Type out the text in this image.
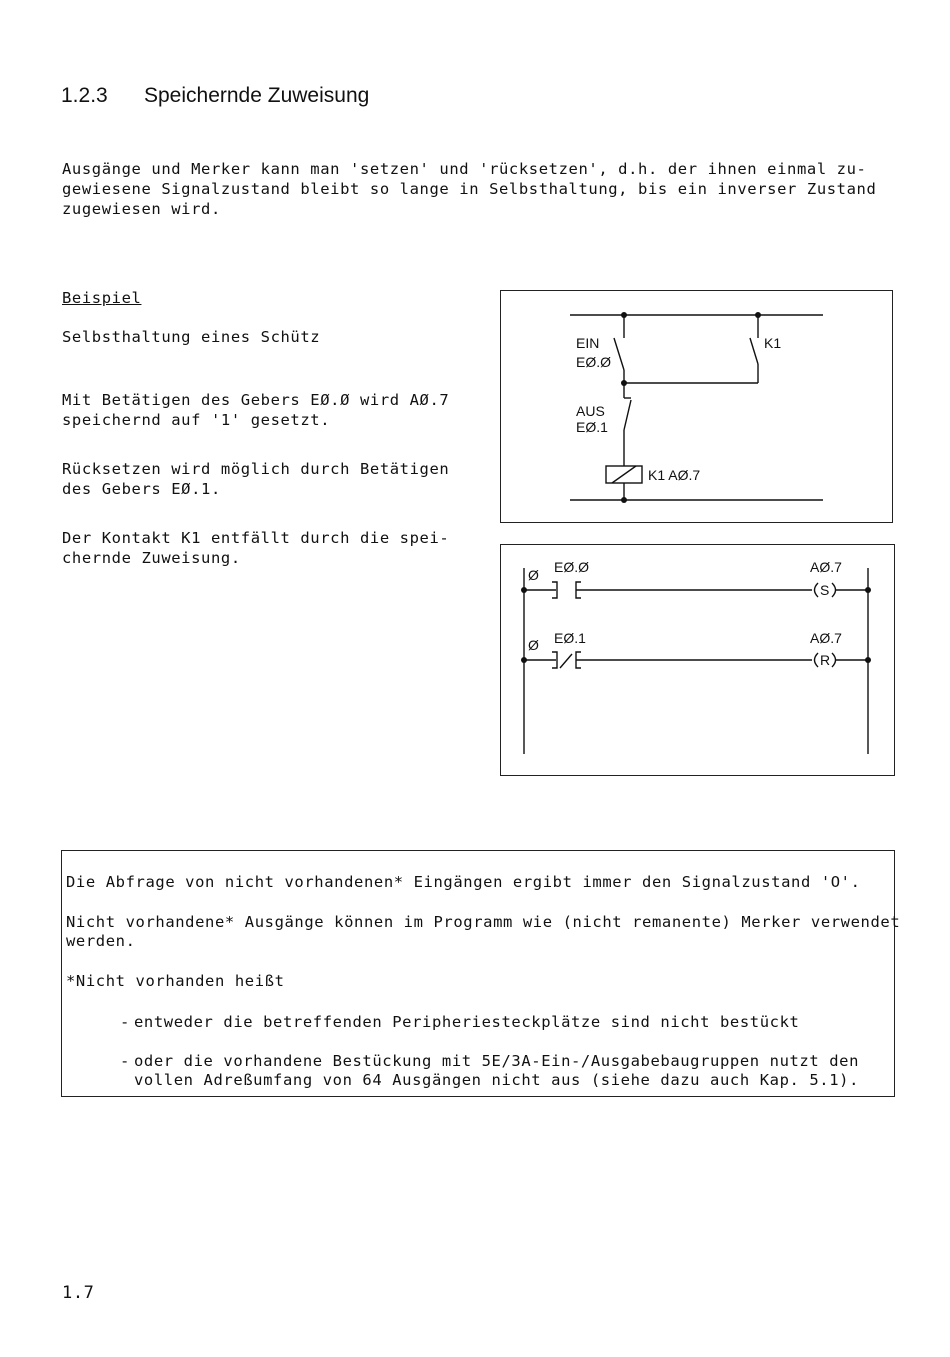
1.2.3 Speichernde Zuweisung
Ausgänge und Merker kann man 'setzen' und 'rücksetzen', d.h. der ihnen einmal zu-
gewiesene Signalzustand bleibt so lange in Selbsthaltung, bis ein inverser Zustand
zugewiesen wird.
Beispiel
Selbsthaltung eines Schütz
Mit Betätigen des Gebers EØ.Ø wird AØ.7
speichernd auf '1' gesetzt.
Rücksetzen wird möglich durch Betätigen
des Gebers EØ.1.
Der Kontakt K1 entfällt durch die spei-
chernde Zuweisung.
EIN
EØ.Ø
K1
AUS
EØ.1
K1 AØ.7
Ø EØ.Ø	AØ.7
S
Ø EØ.1	AØ.7
R
Die Abfrage von nicht vorhandenen* Eingängen ergibt immer den Signalzustand 'O'.
Nicht vorhandene* Ausgänge können im Programm wie (nicht remanente) Merker verwendet
werden.
*Nicht vorhanden heißt
- entweder die betreffenden Peripheriesteckplätze sind nicht bestückt
- oder die vorhandene Bestückung mit 5E/3A-Ein-/Ausgabebaugruppen nutzt den
vollen Adreßumfang von 64 Ausgängen nicht aus (siehe dazu auch Kap. 5.1).
1.7
